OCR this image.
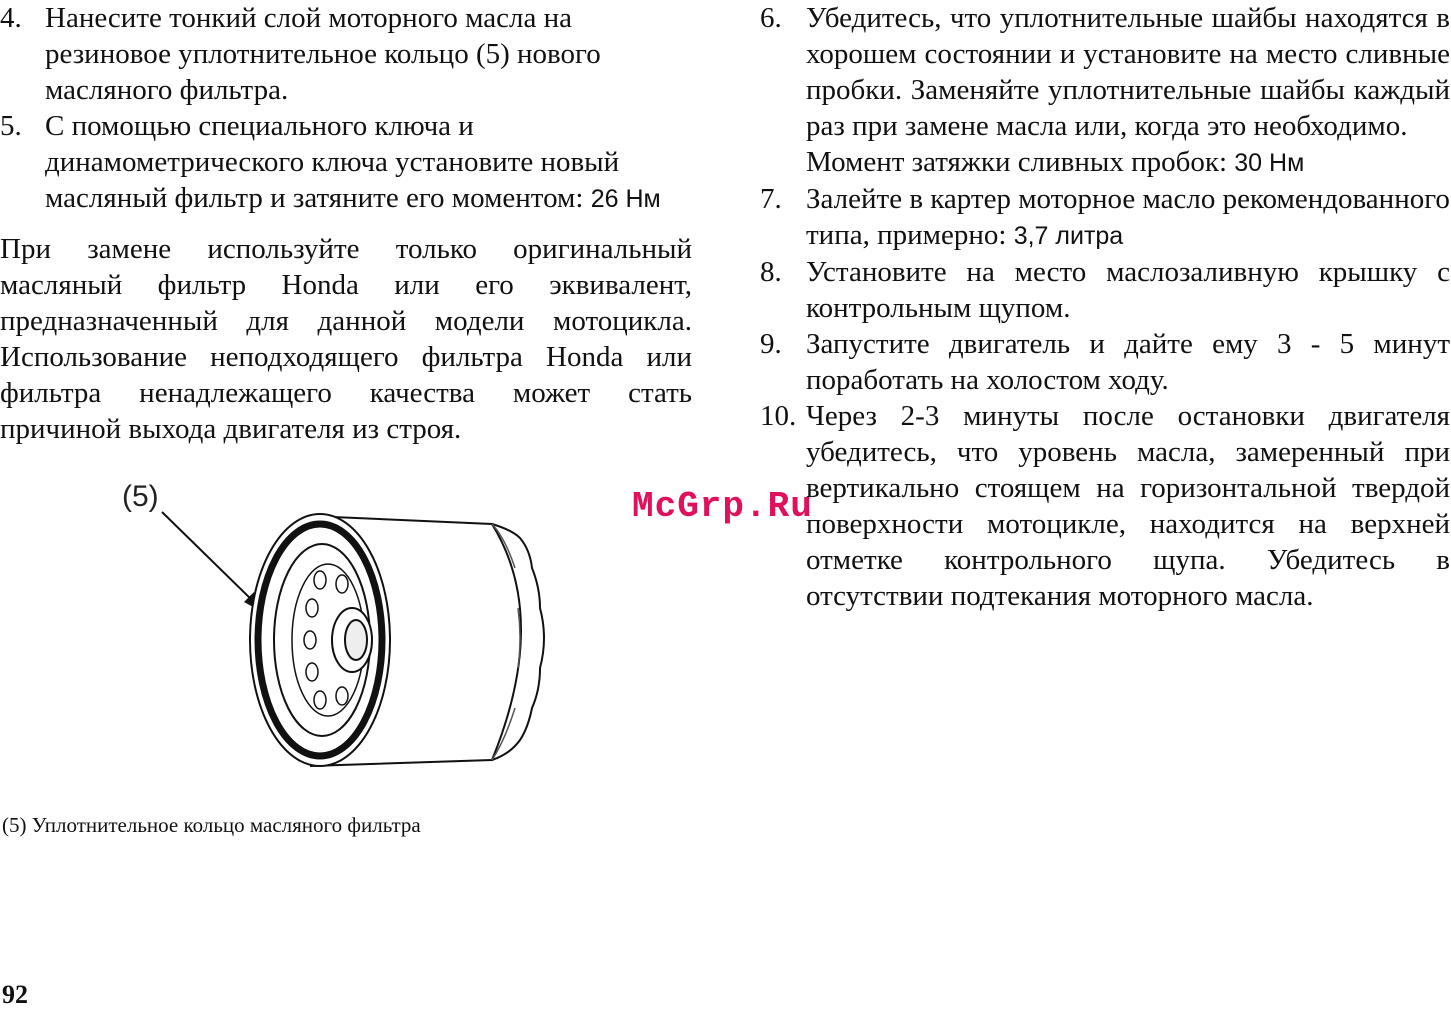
4. Нанесите тонкий слой моторного масла на резиновое уплотнительное кольцо (5) нового масляного фильтра.
5. С помощью специального ключа и динамометрического ключа установите новый масляный фильтр и затяните его моментом: 26 Нм
При замене используйте только оригинальный масляный фильтр Honda или его эквивалент, предназначенный для данной модели мотоцикла. Использование неподходящего фильтра Honda или фильтра ненадлежащего качества может стать причиной выхода двигателя из строя.
(5)
(5) Уплотнительное кольцо масляного фильтра
6. Убедитесь, что уплотнительные шайбы находятся в хорошем состоянии и установите на место сливные пробки. Заменяйте уплотнительные шайбы каждый раз при замене масла или, когда это необходимо.
Момент затяжки сливных пробок: 30 Нм
7. Залейте в картер моторное масло рекомендованного типа, примерно: 3,7 литра
8. Установите на место маслозаливную крышку с контрольным щупом.
9. Запустите двигатель и дайте ему 3 - 5 минут поработать на холостом ходу.
10. Через 2-3 минуты после остановки двигателя убедитесь, что уровень масла, замеренный при вертикально стоящем на горизонтальной твердой поверхности мотоцикле, находится на верхней отметке контрольного щупа. Убедитесь в отсутствии подтекания моторного масла.
McGrp.Ru
92
